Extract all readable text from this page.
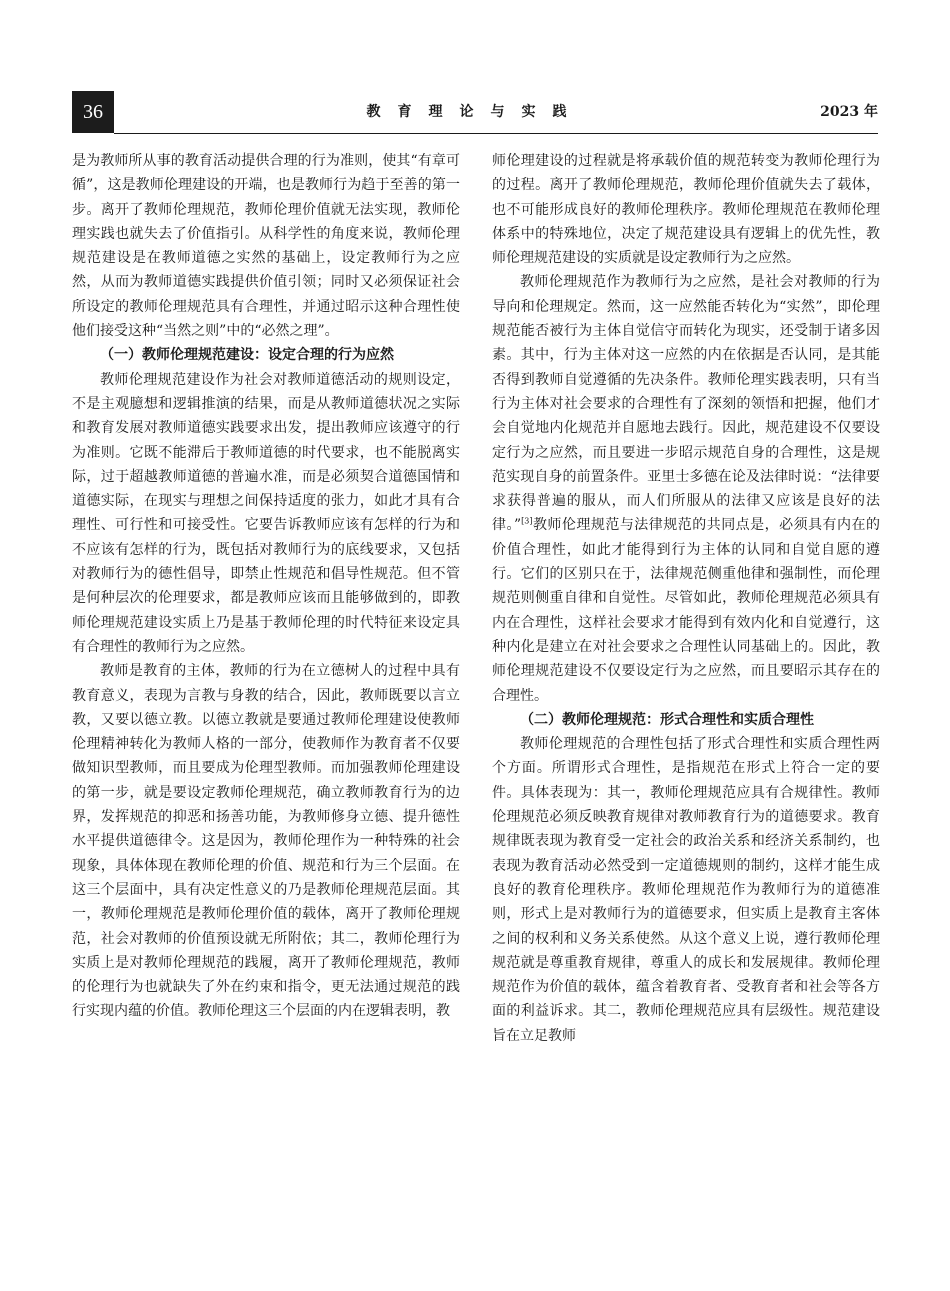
36	教育理论与实践	2023 年

是为教师所从事的教育活动提供合理的行为准则，使其“有章可循”，这是教师伦理建设的开端，也是教师行为趋于至善的第一步。离开了教师伦理规范，教师伦理价值就无法实现，教师伦理实践也就失去了价值指引。从科学性的角度来说，教师伦理规范建设是在教师道德之实然的基础上，设定教师行为之应然，从而为教师道德实践提供价值引领；同时又必须保证社会所设定的教师伦理规范具有合理性，并通过昭示这种合理性使他们接受这种“当然之则”中的“必然之理”。

（一）教师伦理规范建设：设定合理的行为应然

教师伦理规范建设作为社会对教师道德活动的规则设定，不是主观臆想和逻辑推演的结果，而是从教师道德状况之实际和教育发展对教师道德实践要求出发，提出教师应该遵守的行为准则。它既不能滞后于教师道德的时代要求，也不能脱离实际，过于超越教师道德的普遍水准，而是必须契合道德国情和道德实际，在现实与理想之间保持适度的张力，如此才具有合理性、可行性和可接受性。它要告诉教师应该有怎样的行为和不应该有怎样的行为，既包括对教师行为的底线要求，又包括对教师行为的德性倡导，即禁止性规范和倡导性规范。但不管是何种层次的伦理要求，都是教师应该而且能够做到的，即教师伦理规范建设实质上乃是基于教师伦理的时代特征来设定具有合理性的教师行为之应然。

教师是教育的主体，教师的行为在立德树人的过程中具有教育意义，表现为言教与身教的结合，因此，教师既要以言立教，又要以德立教。以德立教就是要通过教师伦理建设使教师伦理精神转化为教师人格的一部分，使教师作为教育者不仅要做知识型教师，而且要成为伦理型教师。而加强教师伦理建设的第一步，就是要设定教师伦理规范，确立教师教育行为的边界，发挥规范的抑恶和扬善功能，为教师修身立德、提升德性水平提供道德律令。这是因为，教师伦理作为一种特殊的社会现象，具体体现在教师伦理的价值、规范和行为三个层面。在这三个层面中，具有决定性意义的乃是教师伦理规范层面。其一，教师伦理规范是教师伦理价值的载体，离开了教师伦理规范，社会对教师的价值预设就无所附依；其二，教师伦理行为实质上是对教师伦理规范的践履，离开了教师伦理规范，教师的伦理行为也就缺失了外在约束和指令，更无法通过规范的践行实现内蕴的价值。教师伦理这三个层面的内在逻辑表明，教

师伦理建设的过程就是将承载价值的规范转变为教师伦理行为的过程。离开了教师伦理规范，教师伦理价值就失去了载体，也不可能形成良好的教师伦理秩序。教师伦理规范在教师伦理体系中的特殊地位，决定了规范建设具有逻辑上的优先性，教师伦理规范建设的实质就是设定教师行为之应然。

教师伦理规范作为教师行为之应然，是社会对教师的行为导向和伦理规定。然而，这一应然能否转化为“实然”，即伦理规范能否被行为主体自觉信守而转化为现实，还受制于诸多因素。其中，行为主体对这一应然的内在依据是否认同，是其能否得到教师自觉遵循的先决条件。教师伦理实践表明，只有当行为主体对社会要求的合理性有了深刻的领悟和把握，他们才会自觉地内化规范并自愿地去践行。因此，规范建设不仅要设定行为之应然，而且要进一步昭示规范自身的合理性，这是规范实现自身的前置条件。亚里士多德在论及法律时说：“法律要求获得普遍的服从，而人们所服从的法律又应该是良好的法律。”[3]教师伦理规范与法律规范的共同点是，必须具有内在的价值合理性，如此才能得到行为主体的认同和自觉自愿的遵行。它们的区别只在于，法律规范侧重他律和强制性，而伦理规范则侧重自律和自觉性。尽管如此，教师伦理规范必须具有内在合理性，这样社会要求才能得到有效内化和自觉遵行，这种内化是建立在对社会要求之合理性认同基础上的。因此，教师伦理规范建设不仅要设定行为之应然，而且要昭示其存在的合理性。

（二）教师伦理规范：形式合理性和实质合理性

教师伦理规范的合理性包括了形式合理性和实质合理性两个方面。所谓形式合理性，是指规范在形式上符合一定的要件。具体表现为：其一，教师伦理规范应具有合规律性。教师伦理规范必须反映教育规律对教师教育行为的道德要求。教育规律既表现为教育受一定社会的政治关系和经济关系制约，也表现为教育活动必然受到一定道德规则的制约，这样才能生成良好的教育伦理秩序。教师伦理规范作为教师行为的道德准则，形式上是对教师行为的道德要求，但实质上是教育主客体之间的权利和义务关系使然。从这个意义上说，遵行教师伦理规范就是尊重教育规律，尊重人的成长和发展规律。教师伦理规范作为价值的载体，蕴含着教育者、受教育者和社会等各方面的利益诉求。其二，教师伦理规范应具有层级性。规范建设旨在立足教师
